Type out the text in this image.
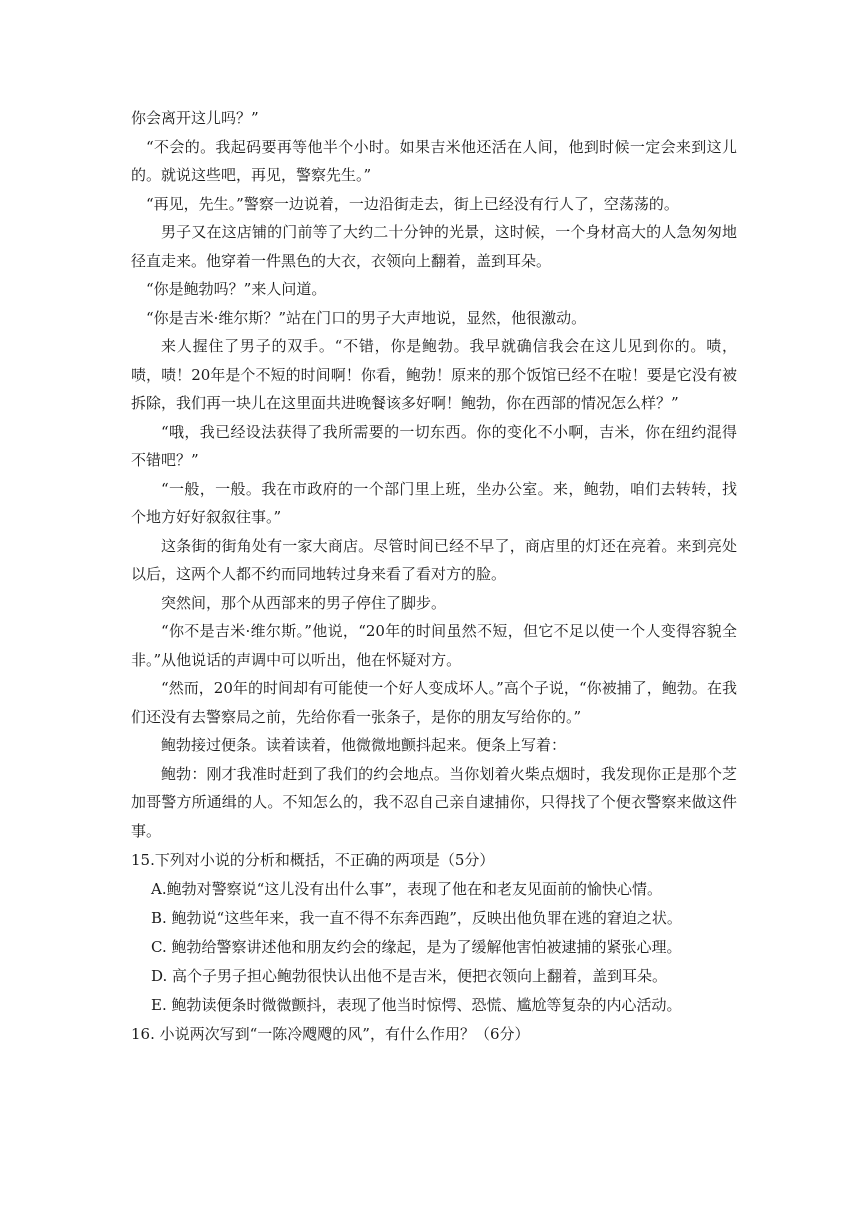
你会离开这儿吗？”

“不会的。我起码要再等他半个小时。如果吉米他还活在人间，他到时候一定会来到这儿的。就说这些吧，再见，警察先生。”

“再见，先生。”警察一边说着，一边沿街走去，街上已经没有行人了，空荡荡的。

男子又在这店铺的门前等了大约二十分钟的光景，这时候，一个身材高大的人急匆匆地径直走来。他穿着一件黑色的大衣，衣领向上翻着，盖到耳朵。

“你是鲍勃吗？”来人问道。

“你是吉米·维尔斯？”站在门口的男子大声地说，显然，他很激动。

来人握住了男子的双手。“不错，你是鲍勃。我早就确信我会在这儿见到你的。啧，啧，啧！20年是个不短的时间啊！你看，鲍勃！原来的那个饭馆已经不在啦！要是它没有被拆除，我们再一块儿在这里面共进晚餐该多好啊！鲍勃，你在西部的情况怎么样？”

“哦，我已经设法获得了我所需要的一切东西。你的变化不小啊，吉米，你在纽约混得不错吧？”

“一般，一般。我在市政府的一个部门里上班，坐办公室。来，鲍勃，咱们去转转，找个地方好好叙叙往事。”

这条街的街角处有一家大商店。尽管时间已经不早了，商店里的灯还在亮着。来到亮处以后，这两个人都不约而同地转过身来看了看对方的脸。

突然间，那个从西部来的男子停住了脚步。

“你不是吉米·维尔斯。”他说，“20年的时间虽然不短，但它不足以使一个人变得容貌全非。”从他说话的声调中可以听出，他在怀疑对方。

“然而，20年的时间却有可能使一个好人变成坏人。”高个子说，“你被捕了，鲍勃。在我们还没有去警察局之前，先给你看一张条子，是你的朋友写给你的。”

鲍勃接过便条。读着读着，他微微地颤抖起来。便条上写着：

鲍勃：刚才我准时赶到了我们的约会地点。当你划着火柴点烟时，我发现你正是那个芝加哥警方所通缉的人。不知怎么的，我不忍自己亲自逮捕你，只得找了个便衣警察来做这件事。

15.下列对小说的分析和概括，不正确的两项是（5分）

A.鲍勃对警察说“这儿没有出什么事”，表现了他在和老友见面前的愉快心情。

B. 鲍勃说“这些年来，我一直不得不东奔西跑”，反映出他负罪在逃的窘迫之状。

C. 鲍勃给警察讲述他和朋友约会的缘起，是为了缓解他害怕被逮捕的紧张心理。

D. 高个子男子担心鲍勃很快认出他不是吉米，便把衣领向上翻着，盖到耳朵。

E. 鲍勃读便条时微微颤抖，表现了他当时惊愕、恐慌、尴尬等复杂的内心活动。

16. 小说两次写到“一陈冷飕飕的风”，有什么作用？（6分）
